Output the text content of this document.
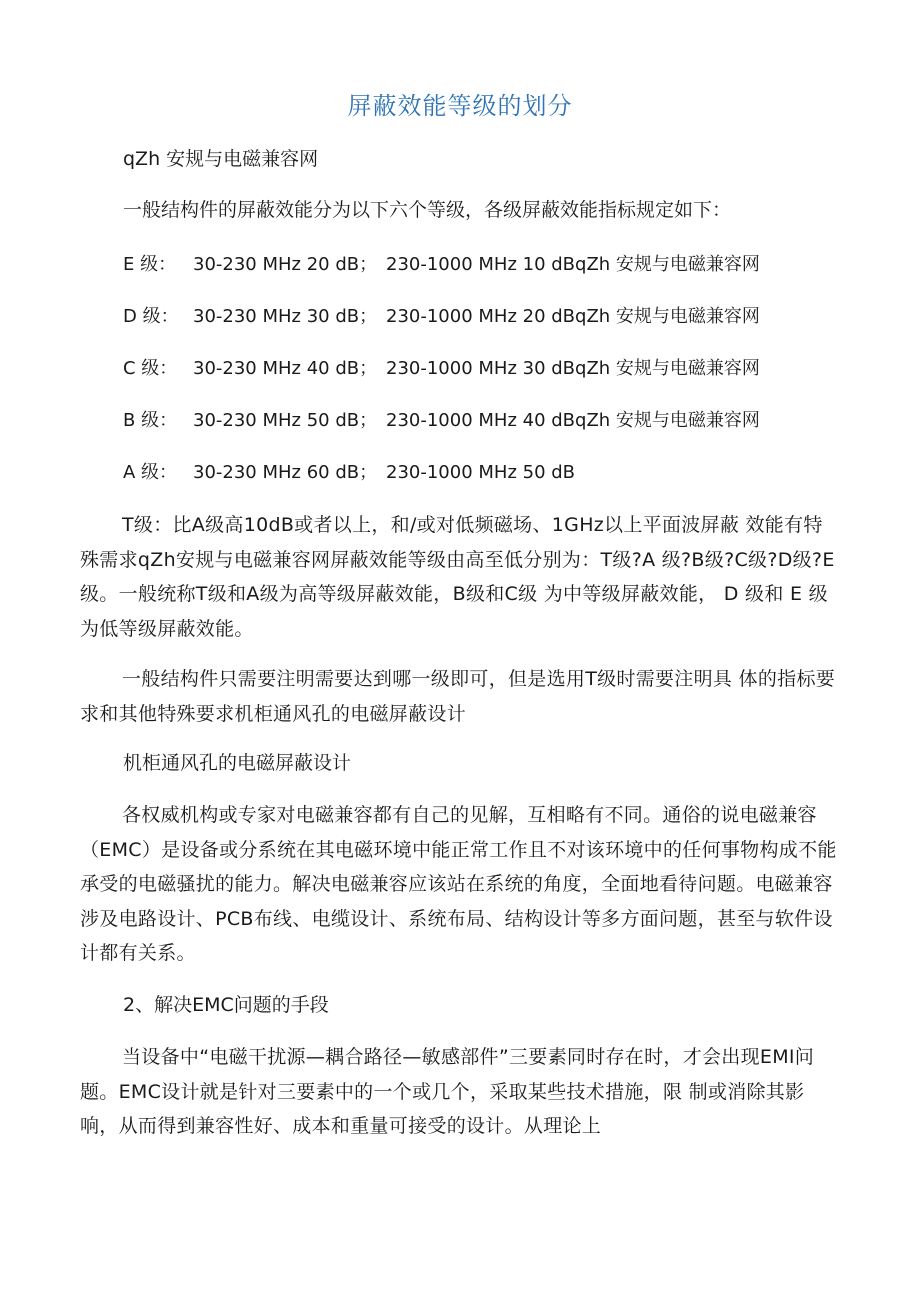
屏蔽效能等级的划分
qZh 安规与电磁兼容网
一般结构件的屏蔽效能分为以下六个等级，各级屏蔽效能指标规定如下：
E 级： 30-230 MHz 20 dB； 230-1000 MHz 10 dBqZh 安规与电磁兼容网
D 级： 30-230 MHz 30 dB； 230-1000 MHz 20 dBqZh 安规与电磁兼容网
C 级： 30-230 MHz 40 dB； 230-1000 MHz 30 dBqZh 安规与电磁兼容网
B 级： 30-230 MHz 50 dB； 230-1000 MHz 40 dBqZh 安规与电磁兼容网
A 级： 30-230 MHz 60 dB； 230-1000 MHz 50 dB
T级：比A级高10dB或者以上，和/或对低频磁场、1GHz以上平面波屏蔽 效能有特殊需求qZh安规与电磁兼容网屏蔽效能等级由高至低分别为：T级?A 级?B级?C级?D级?E级。一般统称T级和A级为高等级屏蔽效能，B级和C级 为中等级屏蔽效能， D 级和 E 级为低等级屏蔽效能。
一般结构件只需要注明需要达到哪一级即可，但是选用T级时需要注明具 体的指标要求和其他特殊要求机柜通风孔的电磁屏蔽设计
机柜通风孔的电磁屏蔽设计
各权威机构或专家对电磁兼容都有自己的见解，互相略有不同。通俗的说电磁兼容（EMC）是设备或分系统在其电磁环境中能正常工作且不对该环境中的任何事物构成不能承受的电磁骚扰的能力。解决电磁兼容应该站在系统的角度，全面地看待问题。电磁兼容涉及电路设计、PCB布线、电缆设计、系统布局、结构设计等多方面问题，甚至与软件设计都有关系。
2、解决EMC问题的手段
当设备中“电磁干扰源—耦合路径—敏感部件”三要素同时存在时，才会出现EMI问题。EMC设计就是针对三要素中的一个或几个，采取某些技术措施，限 制或消除其影响，从而得到兼容性好、成本和重量可接受的设计。从理论上
